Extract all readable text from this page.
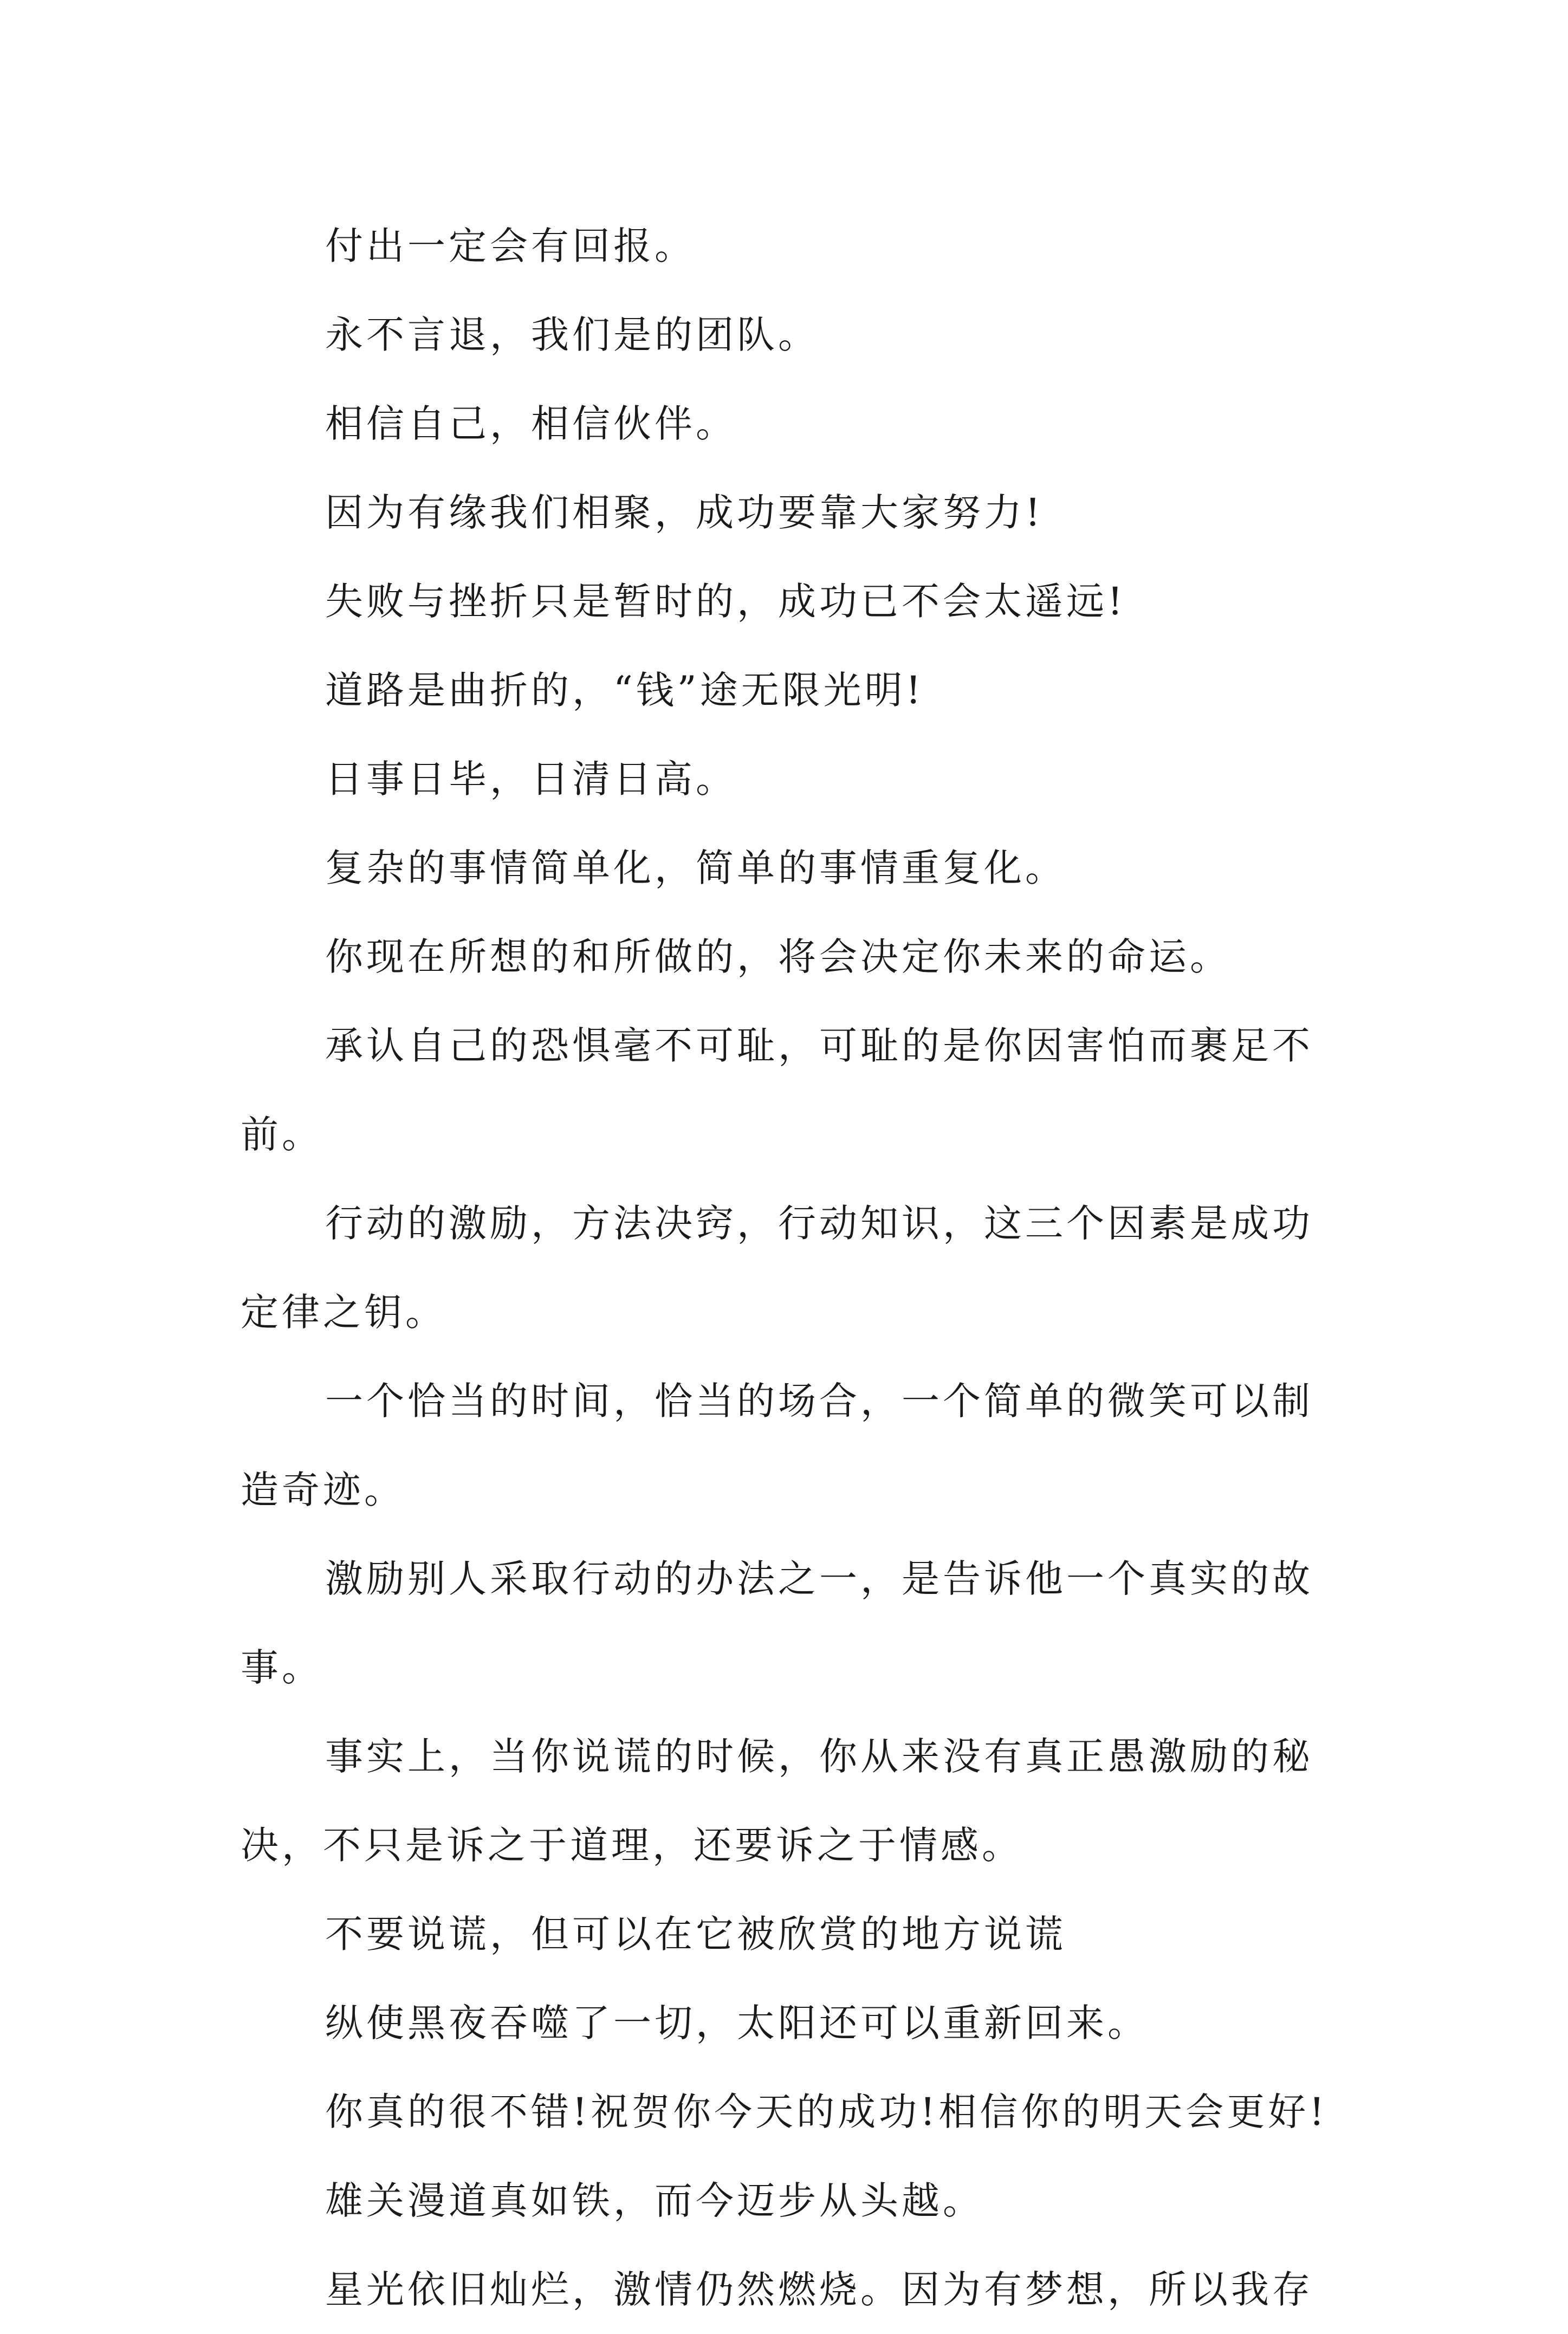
付出一定会有回报。

永不言退，我们是的团队。

相信自己，相信伙伴。

因为有缘我们相聚，成功要靠大家努力!

失败与挫折只是暂时的，成功已不会太遥远!

道路是曲折的，“钱”途无限光明!

日事日毕，日清日高。

复杂的事情简单化，简单的事情重复化。

你现在所想的和所做的，将会决定你未来的命运。

承认自己的恐惧毫不可耻，可耻的是你因害怕而裹足不前。

行动的激励，方法决窍，行动知识，这三个因素是成功定律之钥。

一个恰当的时间，恰当的场合，一个简单的微笑可以制造奇迹。

激励别人采取行动的办法之一，是告诉他一个真实的故事。

事实上，当你说谎的时候，你从来没有真正愚激励的秘决，不只是诉之于道理，还要诉之于情感。

不要说谎，但可以在它被欣赏的地方说谎

纵使黑夜吞噬了一切，太阳还可以重新回来。

你真的很不错!祝贺你今天的成功!相信你的明天会更好!

雄关漫道真如铁，而今迈步从头越。

星光依旧灿烂，激情仍然燃烧。因为有梦想，所以我存
